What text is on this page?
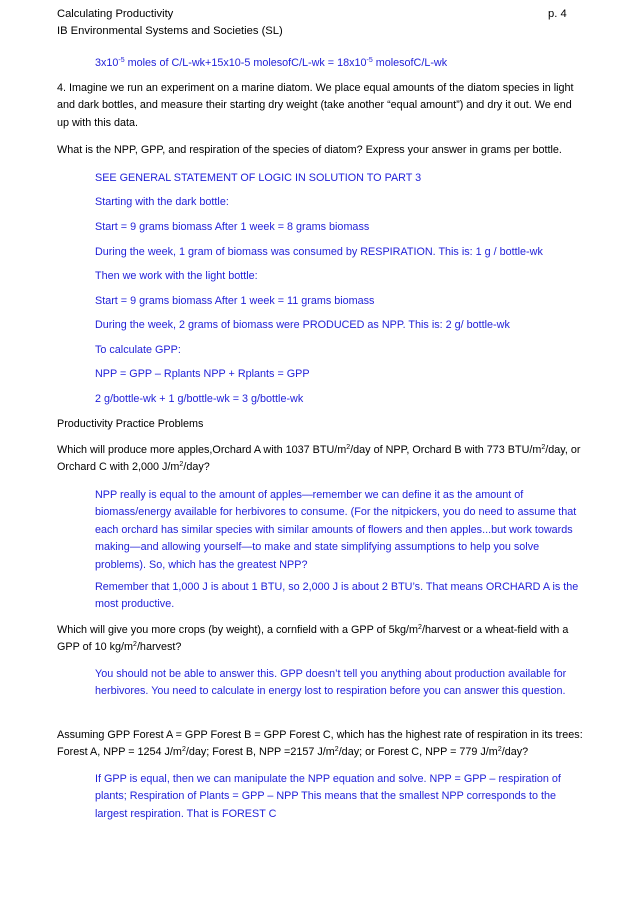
Calculating Productivity	p. 4
IB Environmental Systems and Societies (SL)
$3x10^{-5}$ moles of C/L-wk+15x10-5 molesofC/L-wk = $18x10^{-5}$ molesofC/L-wk
4. Imagine we run an experiment on a marine diatom. We place equal amounts of the diatom species in light and dark bottles, and measure their starting dry weight (take another “equal amount”) and dry it out. We end up with this data.
What is the NPP, GPP, and respiration of the species of diatom? Express your answer in grams per bottle.
SEE GENERAL STATEMENT OF LOGIC IN SOLUTION TO PART 3
Starting with the dark bottle:
Start = 9 grams biomass After 1 week = 8 grams biomass
During the week, 1 gram of biomass was consumed by RESPIRATION. This is: 1 g / bottle-wk
Then we work with the light bottle:
Start = 9 grams biomass After 1 week = 11 grams biomass
During the week, 2 grams of biomass were PRODUCED as NPP. This is: 2 g/ bottle-wk
To calculate GPP:
NPP = GPP – Rplants NPP + Rplants = GPP
2 g/bottle-wk + 1 g/bottle-wk = 3 g/bottle-wk
Productivity Practice Problems
Which will produce more apples,Orchard A with 1037 BTU/$m^2$/day of NPP, Orchard B with 773 BTU/$m^2$/day, or Orchard C with 2,000 $J/m^2$/day?
NPP really is equal to the amount of apples—remember we can define it as the amount of biomass/energy available for herbivores to consume. (For the nitpickers, you do need to assume that each orchard has similar species with similar amounts of flowers and then apples...but work towards making—and allowing yourself—to make and state simplifying assumptions to help you solve problems). So, which has the greatest NPP?
Remember that 1,000 J is about 1 BTU, so 2,000 J is about 2 BTU’s. That means ORCHARD A is the most productive.
Which will give you more crops (by weight), a cornfield with a GPP of $5kg/m^2$/harvest or a wheat-field with a GPP of 10 $kg/m^2$/harvest?
You should not be able to answer this. GPP doesn’t tell you anything about production available for herbivores. You need to calculate in energy lost to respiration before you can answer this question.
Assuming GPP Forest A = GPP Forest B = GPP Forest C, which has the highest rate of respiration in its trees: Forest A, NPP = 1254 $J/m^2$/day; Forest B, NPP =2157 $J/m^2$/day; or Forest C, NPP = 779 $J/m^2$/day?
If GPP is equal, then we can manipulate the NPP equation and solve. NPP = GPP – respiration of plants; Respiration of Plants = GPP – NPP This means that the smallest NPP corresponds to the largest respiration. That is FOREST C
